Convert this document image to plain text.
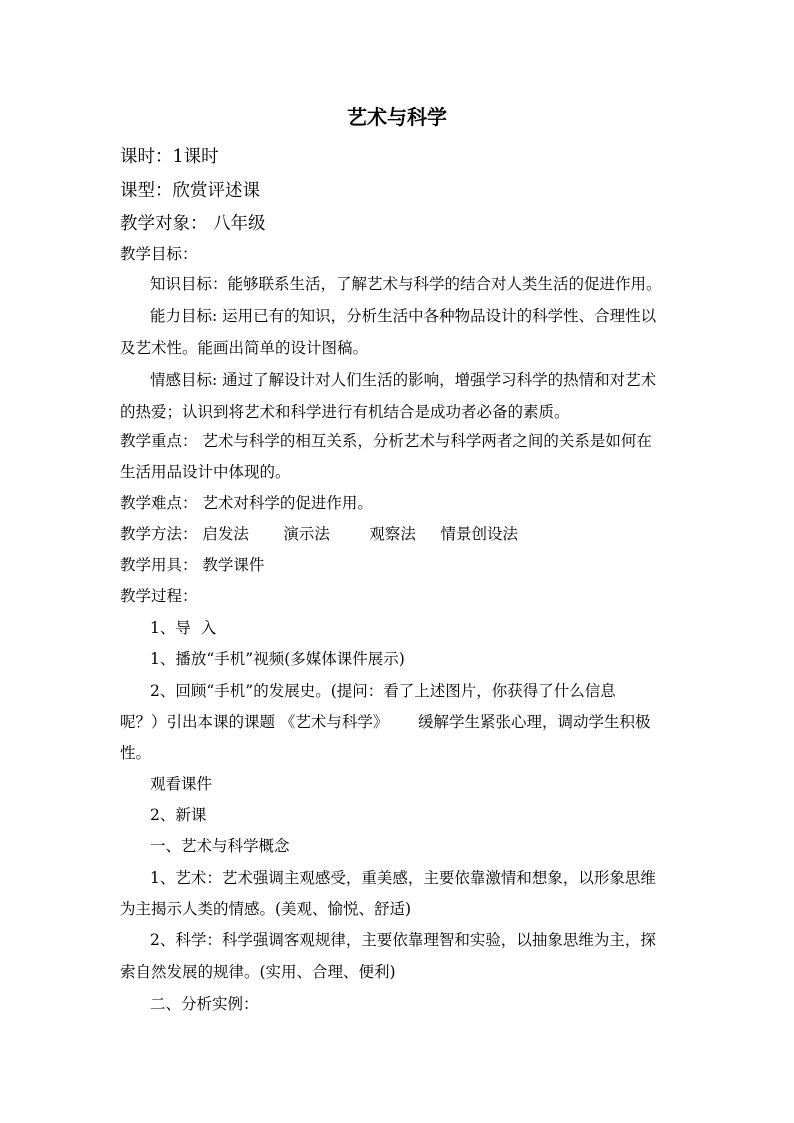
艺术与科学
课时：1课时
课型：欣赏评述课
教学对象： 八年级
教学目标：
知识目标：能够联系生活，了解艺术与科学的结合对人类生活的促进作用。
能力目标: 运用已有的知识，分析生活中各种物品设计的科学性、合理性以
及艺术性。能画出简单的设计图稿。
情感目标: 通过了解设计对人们生活的影响，增强学习科学的热情和对艺术
的热爱；认识到将艺术和科学进行有机结合是成功者必备的素质。
教学重点： 艺术与科学的相互关系，分析艺术与科学两者之间的关系是如何在
生活用品设计中体现的。
教学难点： 艺术对科学的促进作用。
教学方法： 启发法       演示法        观察法     情景创设法
教学用具： 教学课件
教学过程：
1、导  入
1、播放“手机”视频(多媒体课件展示)
2、回顾“手机”的发展史。(提问：看了上述图片，你获得了什么信息
呢？）引出本课的课题 《艺术与科学》      缓解学生紧张心理，调动学生积极
性。
观看课件
2、新课
一、艺术与科学概念
1、艺术：艺术强调主观感受，重美感，主要依靠激情和想象，以形象思维
为主揭示人类的情感。(美观、愉悦、舒适)
2、科学：科学强调客观规律，主要依靠理智和实验，以抽象思维为主，探
索自然发展的规律。(实用、合理、便利)
二、分析实例：
